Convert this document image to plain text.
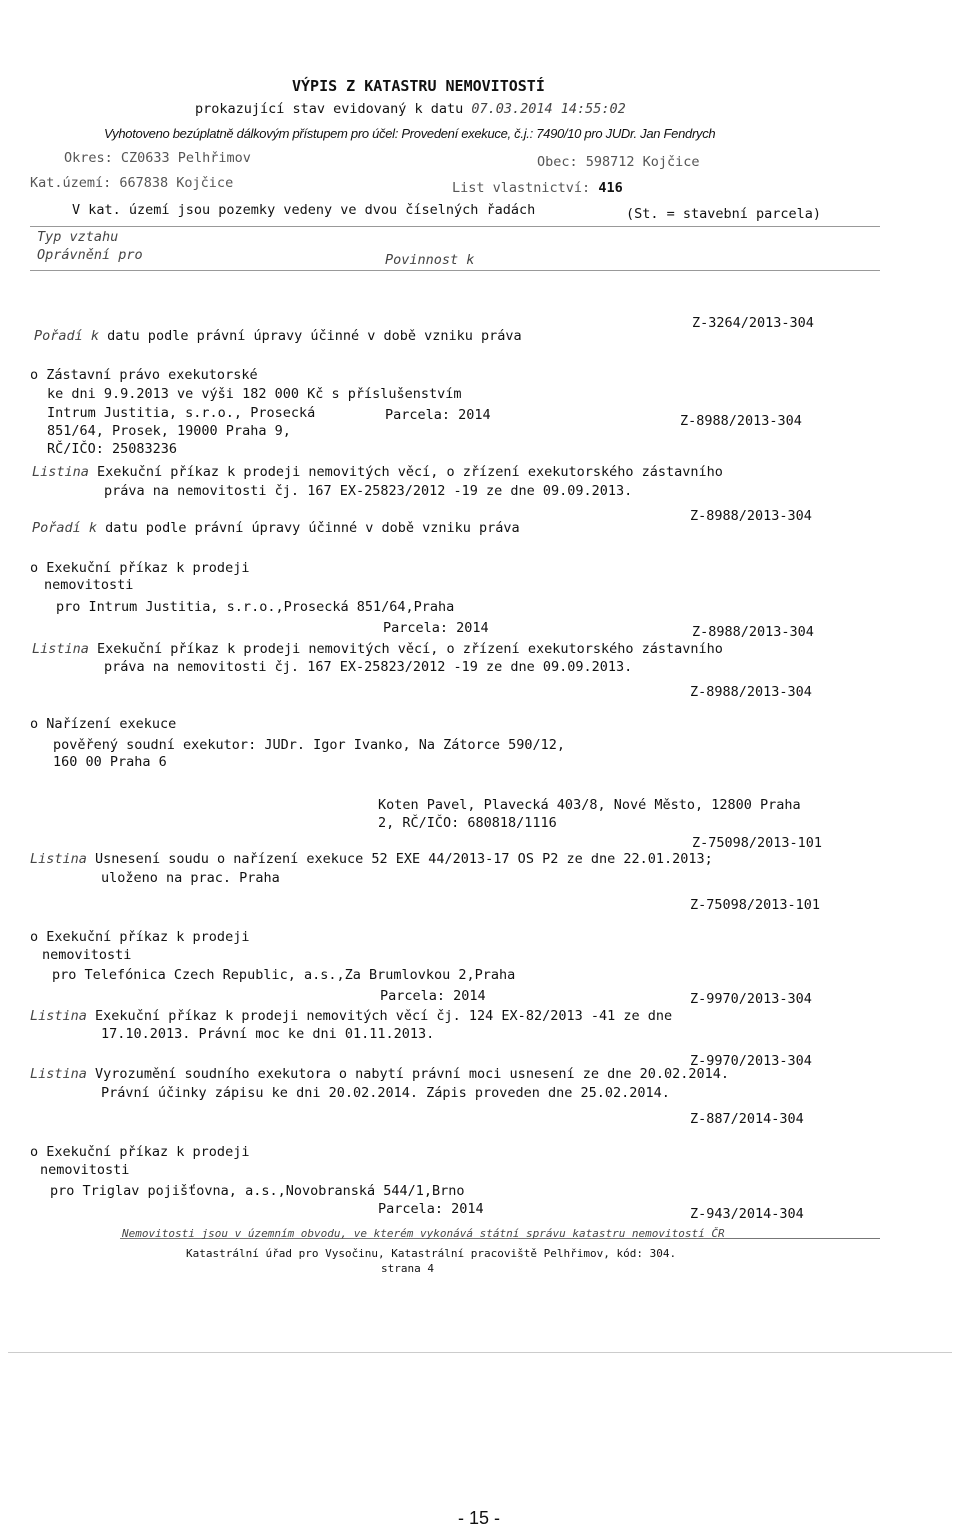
VÝPIS Z KATASTRU NEMOVITOSTÍ
prokazující stav evidovaný k datu 07.03.2014 14:55:02
Vyhotoveno bezúplatně dálkovým přístupem pro účel: Provedení exekuce, č.j.: 7490/10 pro JUDr. Jan Fendrych
Okres: CZ0633 Pelhřimov	Obec: 598712 Kojčice
Kat.území: 667838 Kojčice	List vlastnictví: 416
V kat. území jsou pozemky vedeny ve dvou číselných řadách	(St. = stavební parcela)
Typ vztahu
Oprávnění pro	Povinnost k
Pořadí k datu podle právní úpravy účinné v době vzniku práva
Z-3264/2013-304
o Zástavní právo exekutorské
ke dni 9.9.2013 ve výši 182 000 Kč s příslušenstvím
Intrum Justitia, s.r.o., Prosecká	Parcela: 2014	Z-8988/2013-304
851/64, Prosek, 19000 Praha 9,
RČ/IČO: 25083236
Listina Exekuční příkaz k prodeji nemovitých věcí, o zřízení exekutorského zástavního
práva na nemovitosti čj. 167 EX-25823/2012 -19 ze dne 09.09.2013.
Z-8988/2013-304
Pořadí k datu podle právní úpravy účinné v době vzniku práva
o Exekuční příkaz k prodeji
nemovitosti
pro Intrum Justitia, s.r.o.,Prosecká 851/64,Praha
Parcela: 2014	Z-8988/2013-304
Listina Exekuční příkaz k prodeji nemovitých věcí, o zřízení exekutorského zástavního
práva na nemovitosti čj. 167 EX-25823/2012 -19 ze dne 09.09.2013.
Z-8988/2013-304
o Nařízení exekuce
pověřený soudní exekutor: JUDr. Igor Ivanko, Na Zátorce 590/12,
160 00 Praha 6
Koten Pavel, Plavecká 403/8, Nové Město, 12800 Praha
2, RČ/IČO: 680818/1116
Z-75098/2013-101
Listina Usnesení soudu o nařízení exekuce 52 EXE 44/2013-17 OS P2 ze dne 22.01.2013;
uloženo na prac. Praha
Z-75098/2013-101
o Exekuční příkaz k prodeji
nemovitosti
pro Telefónica Czech Republic, a.s.,Za Brumlovkou 2,Praha
Parcela: 2014	Z-9970/2013-304
Listina Exekuční příkaz k prodeji nemovitých věcí čj. 124 EX-82/2013 -41 ze dne
17.10.2013. Právní moc ke dni 01.11.2013.
Z-9970/2013-304
Listina Vyrozumění soudního exekutora o nabytí právní moci usnesení ze dne 20.02.2014.
Právní účinky zápisu ke dni 20.02.2014. Zápis proveden dne 25.02.2014.
Z-887/2014-304
o Exekuční příkaz k prodeji
nemovitosti
pro Triglav pojišťovna, a.s.,Novobranská 544/1,Brno
Parcela: 2014	Z-943/2014-304
Nemovitosti jsou v územním obvodu, ve kterém vykonává státní správu katastru nemovitostí ČR
Katastrální úřad pro Vysočinu, Katastrální pracoviště Pelhřimov, kód: 304.
strana 4
- 15 -
